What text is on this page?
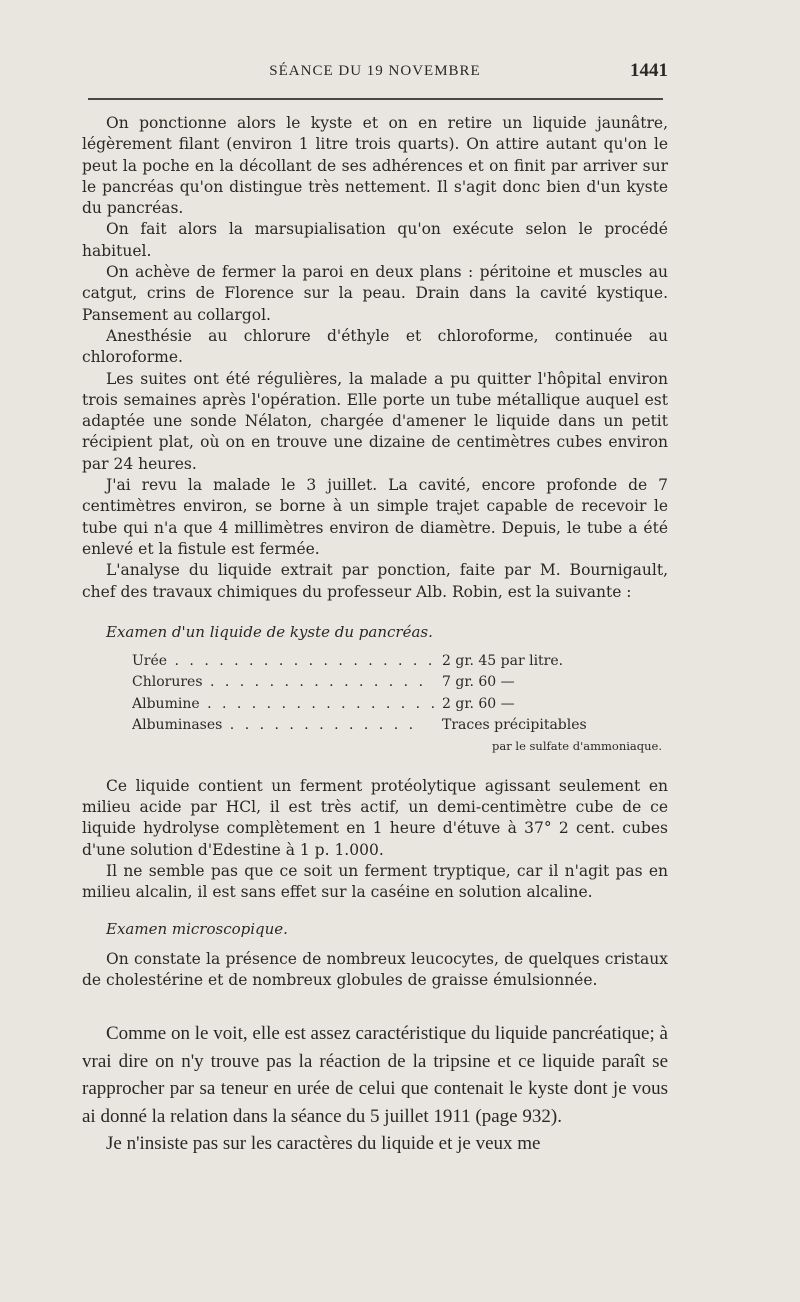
SÉANCE DU 19 NOVEMBRE	1441

On ponctionne alors le kyste et on en retire un liquide jaunâtre, légèrement filant (environ 1 litre trois quarts). On attire autant qu'on le peut la poche en la décollant de ses adhérences et on finit par arriver sur le pancréas qu'on distingue très nettement. Il s'agit donc bien d'un kyste du pancréas.

On fait alors la marsupialisation qu'on exécute selon le procédé habituel.

On achève de fermer la paroi en deux plans : péritoine et muscles au catgut, crins de Florence sur la peau. Drain dans la cavité kystique. Pansement au collargol.

Anesthésie au chlorure d'éthyle et chloroforme, continuée au chloroforme.

Les suites ont été régulières, la malade a pu quitter l'hôpital environ trois semaines après l'opération. Elle porte un tube métallique auquel est adaptée une sonde Nélaton, chargée d'amener le liquide dans un petit récipient plat, où on en trouve une dizaine de centimètres cubes environ par 24 heures.

J'ai revu la malade le 3 juillet. La cavité, encore profonde de 7 centimètres environ, se borne à un simple trajet capable de recevoir le tube qui n'a que 4 millimètres environ de diamètre. Depuis, le tube a été enlevé et la fistule est fermée.

L'analyse du liquide extrait par ponction, faite par M. Bournigault, chef des travaux chimiques du professeur Alb. Robin, est la suivante :

Examen d'un liquide de kyste du pancréas.

Urée . . . . . . . . . . . . . . . . . .	2 gr. 45 par litre.
Chlorures . . . . . . . . . . . . . . .	7 gr. 60 —
Albumine . . . . . . . . . . . . . . . .	2 gr. 60 —
Albuminases . . . . . . . . . . . . .	Traces précipitables
	par le sulfate d'ammoniaque.

Ce liquide contient un ferment protéolytique agissant seulement en milieu acide par HCl, il est très actif, un demi-centimètre cube de ce liquide hydrolyse complètement en 1 heure d'étuve à 37° 2 cent. cubes d'une solution d'Edestine à 1 p. 1.000.

Il ne semble pas que ce soit un ferment tryptique, car il n'agit pas en milieu alcalin, il est sans effet sur la caséine en solution alcaline.

Examen microscopique.

On constate la présence de nombreux leucocytes, de quelques cristaux de cholestérine et de nombreux globules de graisse émulsionnée.

Comme on le voit, elle est assez caractéristique du liquide pancréatique; à vrai dire on n'y trouve pas la réaction de la tripsine et ce liquide paraît se rapprocher par sa teneur en urée de celui que contenait le kyste dont je vous ai donné la relation dans la séance du 5 juillet 1911 (page 932).

Je n'insiste pas sur les caractères du liquide et je veux me
